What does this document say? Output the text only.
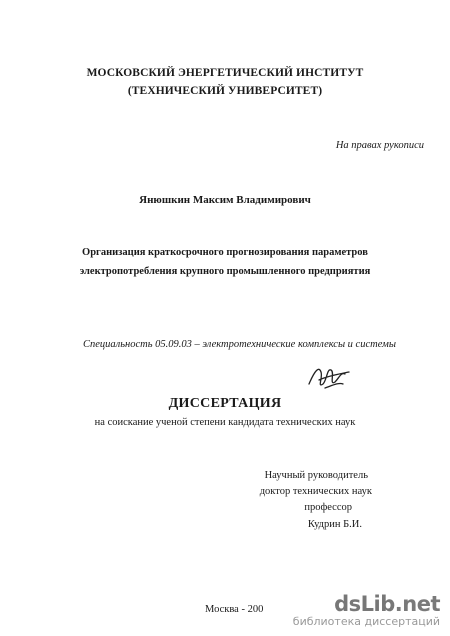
МОСКОВСКИЙ ЭНЕРГЕТИЧЕСКИЙ ИНСТИТУТ
(ТЕХНИЧЕСКИЙ УНИВЕРСИТЕТ)
На правах рукописи
Янюшкин Максим Владимирович
Организация краткосрочного прогнозирования параметров
электропотребления крупного промышленного предприятия
Специальность 05.09.03 – электротехнические комплексы и системы
ДИССЕРТАЦИЯ
на соискание ученой степени кандидата технических наук
Научный руководитель
доктор технических наук
профессор
Кудрин Б.И.
Москва - 200	dsLib.net
библиотека диссертаций
